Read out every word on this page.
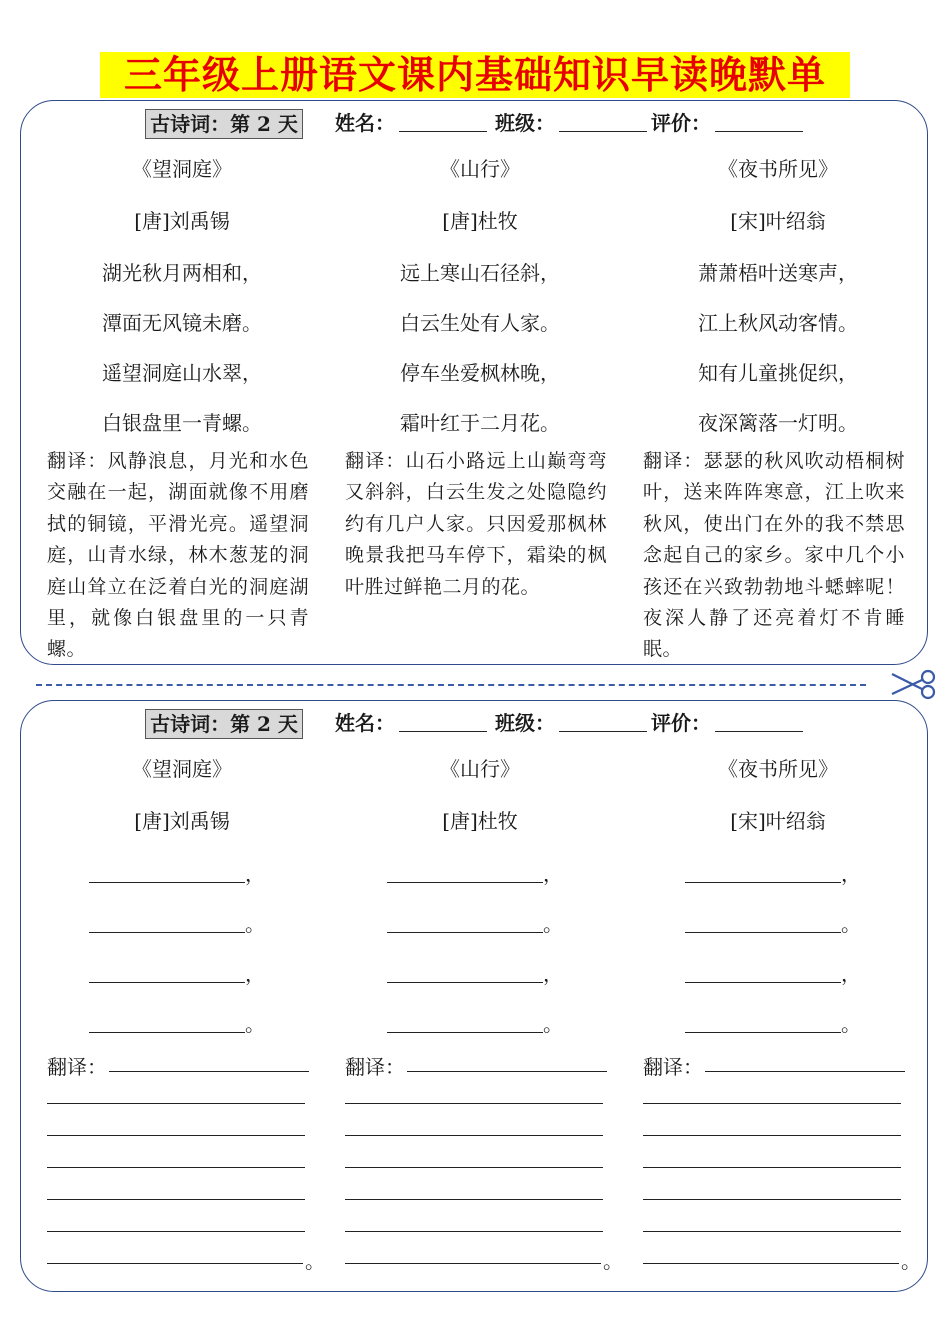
三年级上册语文课内基础知识早读晚默单
古诗词：第 2 天 姓名：	班级：	评价：
《望洞庭》
[唐]刘禹锡
湖光秋月两相和，
潭面无风镜未磨。
遥望洞庭山水翠，
白银盘里一青螺。
翻译：风静浪息，月光和水色交融在一起，湖面就像不用磨拭的铜镜，平滑光亮。遥望洞庭，山青水绿，林木葱茏的洞庭山耸立在泛着白光的洞庭湖里，就像白银盘里的一只青螺。
《山行》
[唐]杜牧
远上寒山石径斜，
白云生处有人家。
停车坐爱枫林晚，
霜叶红于二月花。
翻译：山石小路远上山巅弯弯又斜斜，白云生发之处隐隐约约有几户人家。只因爱那枫林晚景我把马车停下，霜染的枫叶胜过鲜艳二月的花。
《夜书所见》
[宋]叶绍翁
萧萧梧叶送寒声，
江上秋风动客情。
知有儿童挑促织，
夜深篱落一灯明。
翻译：瑟瑟的秋风吹动梧桐树叶，送来阵阵寒意，江上吹来秋风，使出门在外的我不禁思念起自己的家乡。家中几个小孩还在兴致勃勃地斗蟋蟀呢！夜深人静了还亮着灯不肯睡眠。
古诗词：第 2 天 姓名：	班级：	评价：
《望洞庭》
[唐]刘禹锡
，
。
，
。
翻译：
。
《山行》
[唐]杜牧
，
。
，
。
翻译：
。
《夜书所见》
[宋]叶绍翁
，
。
，
。
翻译：
。
